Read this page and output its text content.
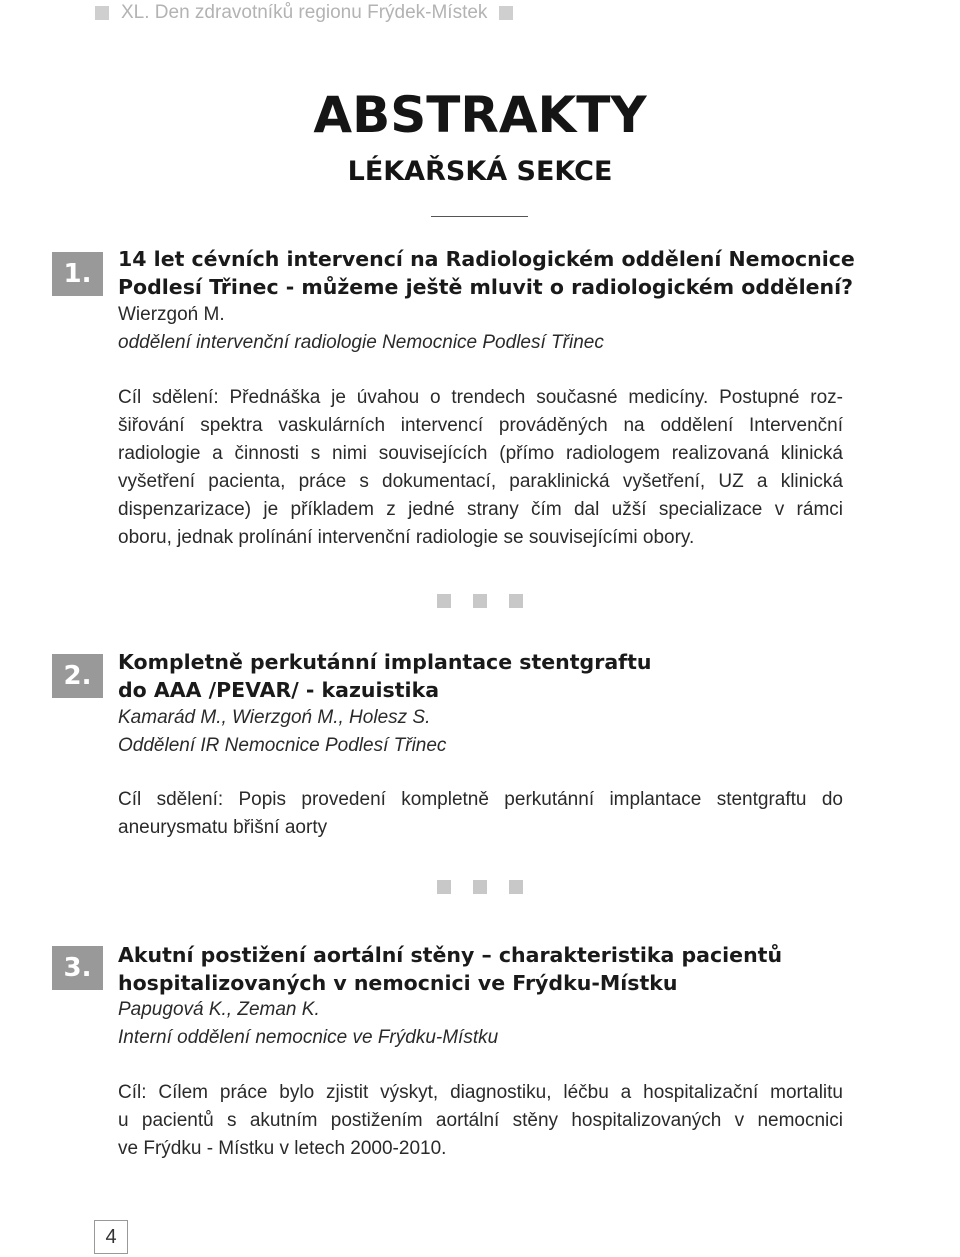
XL. Den zdravotníků regionu Frýdek-Místek
ABSTRAKTY
LÉKAŘSKÁ SEKCE
1.	14 let cévních intervencí na Radiologickém oddělení Nemocnice
Podlesí Třinec - můžeme ještě mluvit o radiologickém oddělení?
Wierzgoń M.
oddělení intervenční radiologie Nemocnice Podlesí Třinec
Cíl sdělení: Přednáška je úvahou o trendech současné medicíny. Postupné roz-
šiřování spektra vaskulárních intervencí prováděných na oddělení Intervenční
radiologie a činnosti s nimi souvisejících (přímo radiologem realizovaná klinická
vyšetření pacienta, práce s dokumentací, paraklinická vyšetření, UZ a klinická
dispenzarizace) je příkladem z jedné strany čím dal užší specializace v rámci
oboru, jednak prolínání intervenční radiologie se souvisejícími obory.
2.	Kompletně perkutánní implantace stentgraftu
do AAA /PEVAR/ - kazuistika
Kamarád M., Wierzgoń M., Holesz S.
Oddělení IR Nemocnice Podlesí Třinec
Cíl sdělení: Popis provedení kompletně perkutánní implantace stentgraftu do
aneurysmatu břišní aorty
3.	Akutní postižení aortální stěny – charakteristika pacientů
hospitalizovaných v nemocnici ve Frýdku-Místku
Papugová K., Zeman K.
Interní oddělení nemocnice ve Frýdku-Místku
Cíl: Cílem práce bylo zjistit výskyt, diagnostiku, léčbu a hospitalizační mortalitu
u pacientů s akutním postižením aortální stěny hospitalizovaných v nemocnici
ve Frýdku - Místku v letech 2000-2010.
4
